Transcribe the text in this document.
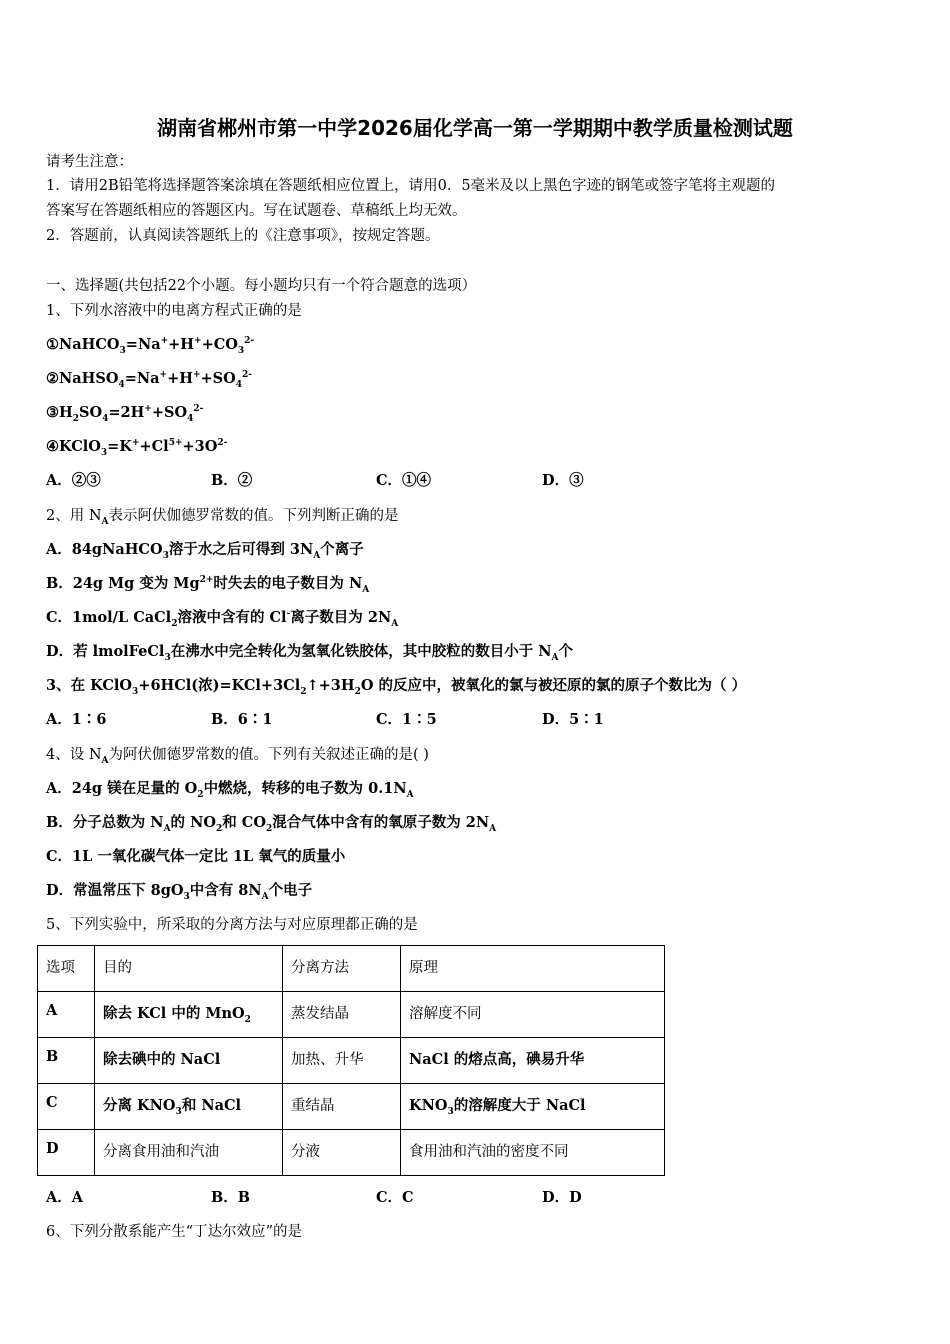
湖南省郴州市第一中学2026届化学高一第一学期期中教学质量检测试题
请考生注意：
1．请用2B铅笔将选择题答案涂填在答题纸相应位置上，请用0．5毫米及以上黑色字迹的钢笔或签字笔将主观题的
答案写在答题纸相应的答题区内。写在试题卷、草稿纸上均无效。
2．答题前，认真阅读答题纸上的《注意事项》，按规定答题。
一、选择题(共包括22个小题。每小题均只有一个符合题意的选项）
1、下列水溶液中的电离方程式正确的是
$①NaHCO_3=Na^++H^++CO_3^{2-}$
$②NaHSO_4=Na^++H^++SO_4^{2-}$
$③H_2SO_4=2H^++SO_4^{2-}$
$④KClO_3=K^++Cl^{5+}+3O^{2-}$
A．②③	B．②	C．①④	D．③
2、用 $N_A$表示阿伏伽德罗常数的值。下列判断正确的是
A．84gNaHCO$_3$溶于水之后可得到 $3N_A$个离子
B．24g Mg 变为 $Mg^{2+}$时失去的电子数目为 $N_A$
C．1mol/L CaCl$_2$溶液中含有的 Cl-离子数目为 $2N_A$
D．若 lmolFeCl$_3$在沸水中完全转化为氢氧化铁胶体，其中胶粒的数目小于 $N_A$个
3、在 KClO$_3$+6HCl(浓)$=KCl+3Cl_2↑+3H_2O$ 的反应中，被氧化的氯与被还原的氯的原子个数比为（ ）
A．1∶6	B．6∶1	C．1∶5	D．5∶1
4、设 $N_A$为阿伏伽德罗常数的值。下列有关叙述正确的是( )
A．24g 镁在足量的 $O_2$中燃烧，转移的电子数为 $0.1N_A$
B．分子总数为 $N_A$的 $NO_2$和 $CO_2$混合气体中含有的氧原子数为 $2N_A$
C．1L 一氧化碳气体一定比 1L 氧气的质量小
D．常温常压下 $8gO_3$中含有 $8N_A$个电子
5、下列实验中，所采取的分离方法与对应原理都正确的是
选项	目的	分离方法	原理
A	除去 KCl 中的 MnO$_2$	蒸发结晶	溶解度不同
B	除去碘中的 NaCl	加热、升华	NaCl 的熔点高，碘易升华
C	分离 $KNO_3$和 NaCl	重结晶	$KNO_3$的溶解度大于 NaCl
D	分离食用油和汽油	分液	食用油和汽油的密度不同
A．A	B．B	C．C	D．D
6、下列分散系能产生“丁达尔效应”的是
